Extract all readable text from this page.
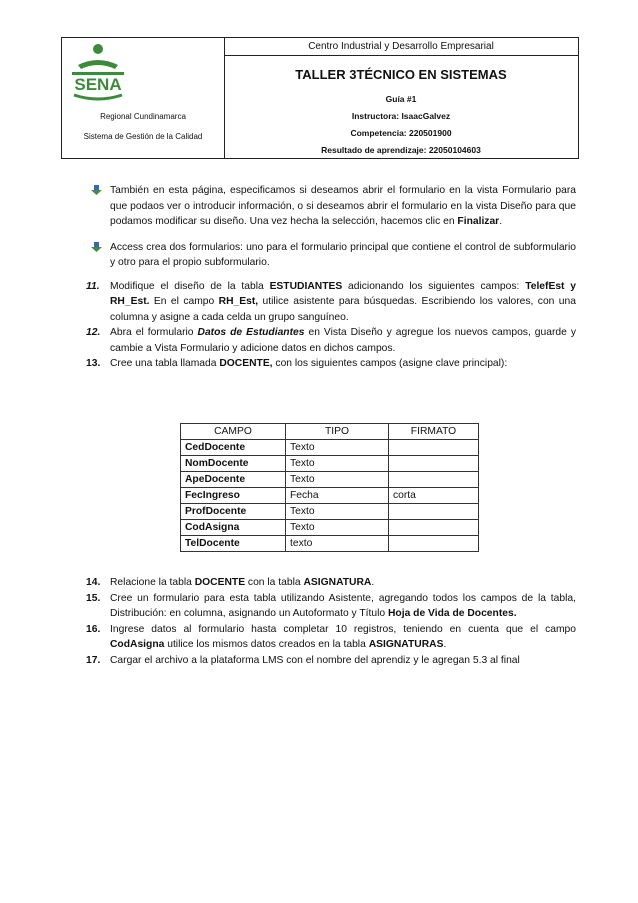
SENA
Regional Cundinamarca
Sistema de Gestión de la Calidad
Centro Industrial y Desarrollo Empresarial
TALLER 3TÉCNICO EN SISTEMAS
Guía #1
Instructora: IsaacGalvez
Competencia: 220501900
Resultado de aprendizaje: 22050104603
También en esta página, especificamos si deseamos abrir el formulario en la vista Formulario para que podaos ver o introducir información, o si deseamos abrir el formulario en la vista Diseño para que podamos modificar su diseño. Una vez hecha la selección, hacemos clic en Finalizar.
Access crea dos formularios: uno para el formulario principal que contiene el control de subformulario y otro para el propio subformulario.
11. Modifique el diseño de la tabla ESTUDIANTES adicionando los siguientes campos: TelefEst y RH_Est. En el campo RH_Est, utilice asistente para búsquedas. Escribiendo los valores, con una columna y asigne a cada celda un grupo sanguíneo.
12. Abra el formulario Datos de Estudiantes en Vista Diseño y agregue los nuevos campos, guarde y cambie a Vista Formulario y adicione datos en dichos campos.
13. Cree una tabla llamada DOCENTE, con los siguientes campos (asigne clave principal):
CAMPO	TIPO	FIRMATO
CedDocente	Texto	
NomDocente	Texto	
ApeDocente	Texto	
FecIngreso	Fecha	corta
ProfDocente	Texto	
CodAsigna	Texto	
TelDocente	texto	
14. Relacione la tabla DOCENTE con la tabla ASIGNATURA.
15. Cree un formulario para esta tabla utilizando Asistente, agregando todos los campos de la tabla, Distribución: en columna, asignando un Autoformato y Título Hoja de Vida de Docentes.
16. Ingrese datos al formulario hasta completar 10 registros, teniendo en cuenta que el campo CodAsigna utilice los mismos datos creados en la tabla ASIGNATURAS.
17. Cargar el archivo a la plataforma LMS con el nombre del aprendiz y le agregan 5.3 al final
